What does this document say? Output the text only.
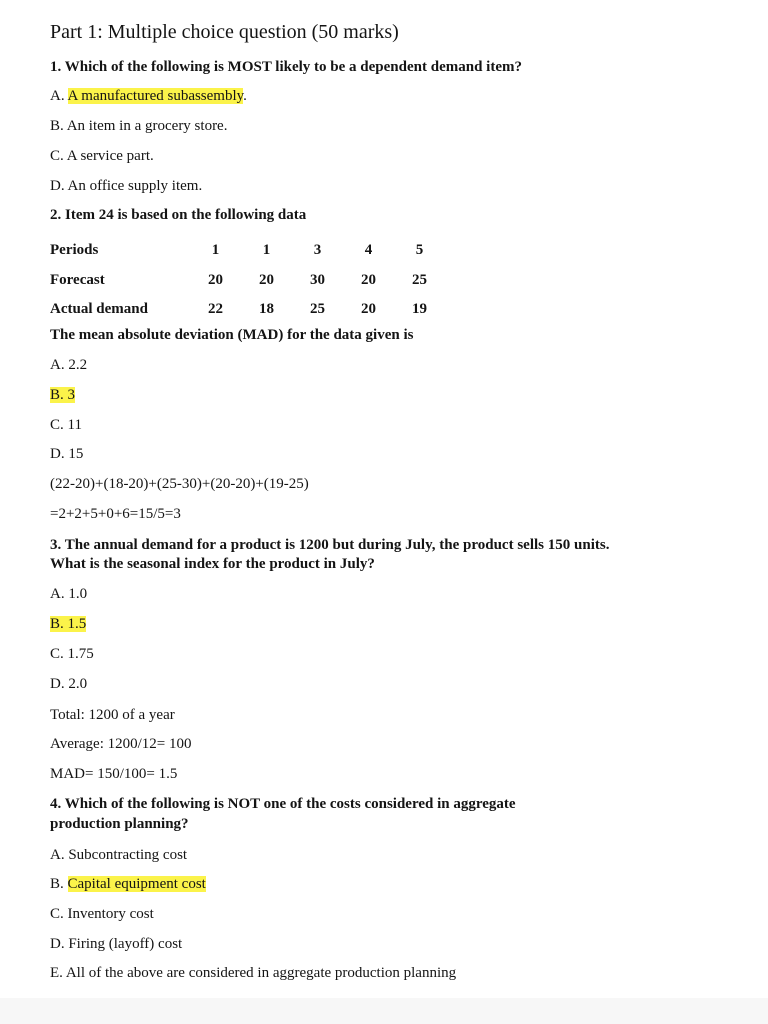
Part 1: Multiple choice question (50 marks)
1. Which of the following is MOST likely to be a dependent demand item?
A. A manufactured subassembly.
B. An item in a grocery store.
C. A service part.
D. An office supply item.
2. Item 24 is based on the following data
Periods	1	1	3	4	5
Forecast	20	20	30	20	25
Actual demand	22	18	25	20	19
The mean absolute deviation (MAD) for the data given is
A. 2.2
B. 3
C. 11
D. 15
(22-20)+(18-20)+(25-30)+(20-20)+(19-25)
=2+2+5+0+6=15/5=3
3. The annual demand for a product is 1200 but during July, the product sells 150 units.
What is the seasonal index for the product in July?
A. 1.0
B. 1.5
C. 1.75
D. 2.0
Total: 1200 of a year
Average: 1200/12= 100
MAD= 150/100= 1.5
4. Which of the following is NOT one of the costs considered in aggregate
production planning?
A. Subcontracting cost
B. Capital equipment cost
C. Inventory cost
D. Firing (layoff) cost
E. All of the above are considered in aggregate production planning
